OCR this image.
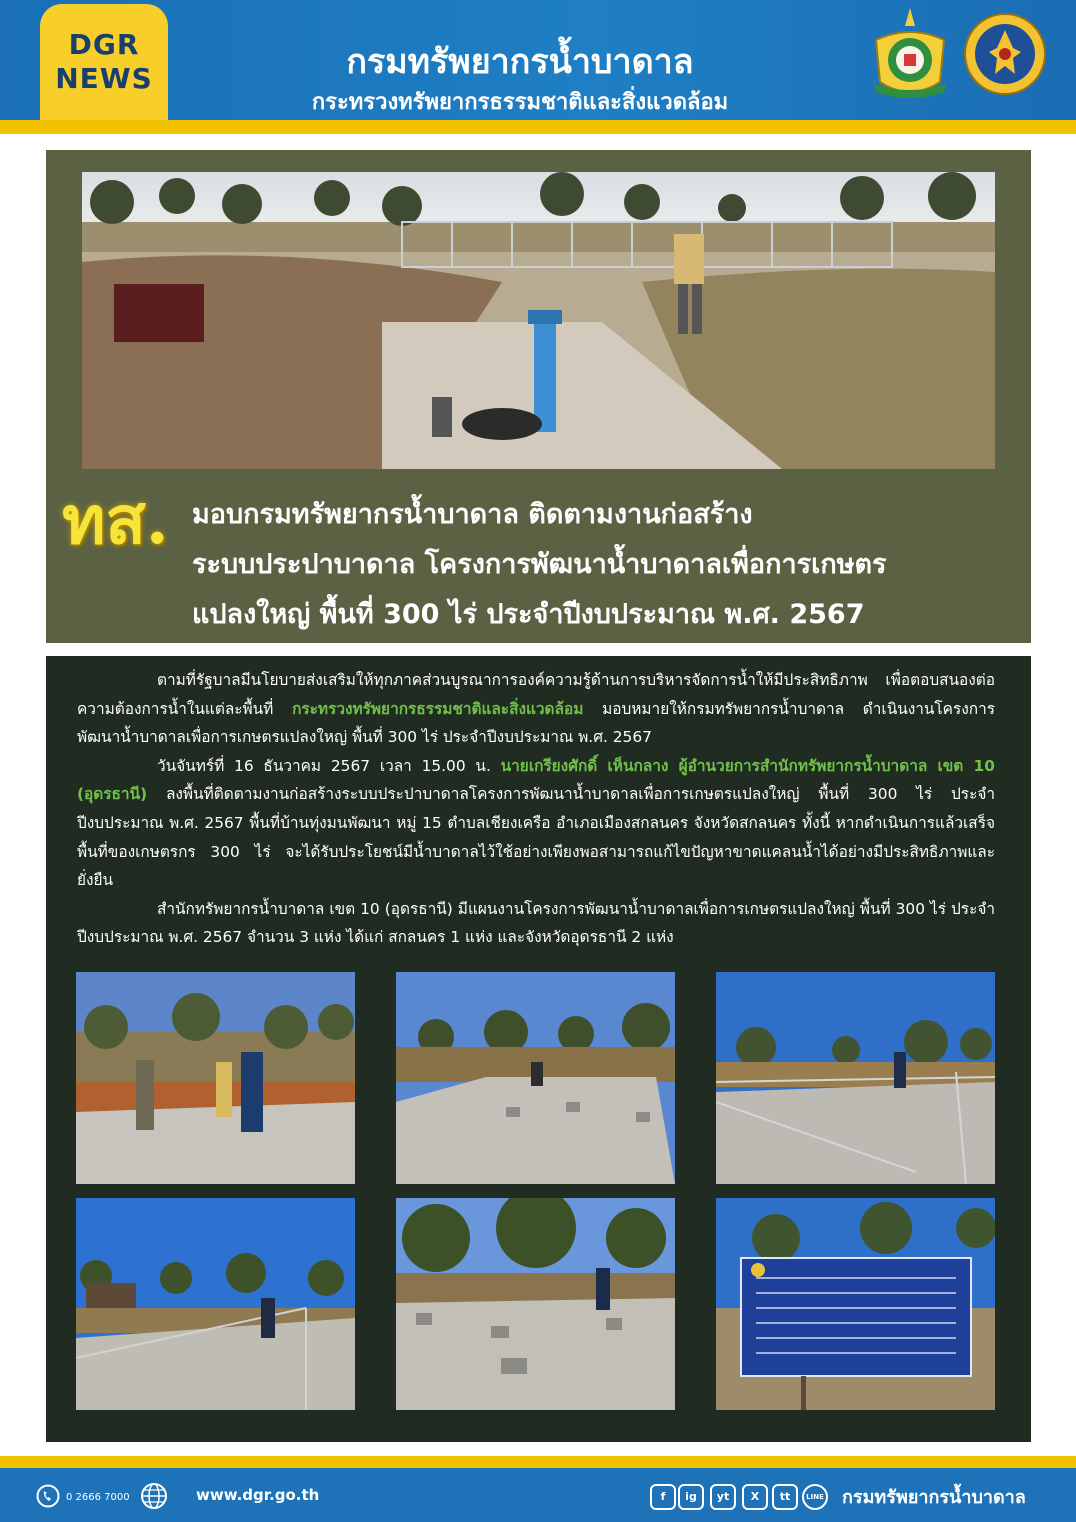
DGR
NEWS	กรมทรัพยากรน้ำบาดาล
กระทรวงทรัพยากรธรรมชาติและสิ่งแวดล้อม
ทส. มอบกรมทรัพยากรน้ำบาดาล ติดตามงานก่อสร้าง
ระบบประปาบาดาล โครงการพัฒนาน้ำบาดาลเพื่อการเกษตร
แปลงใหญ่ พื้นที่ 300 ไร่ ประจำปีงบประมาณ พ.ศ. 2567

ตามที่รัฐบาลมีนโยบายส่งเสริมให้ทุกภาคส่วนบูรณาการองค์ความรู้ด้านการบริหารจัดการน้ำให้มีประสิทธิภาพ เพื่อตอบสนองต่อความต้องการน้ำในแต่ละพื้นที่ กระทรวงทรัพยากรธรรมชาติและสิ่งแวดล้อม มอบหมายให้กรมทรัพยากรน้ำบาดาล ดำเนินงานโครงการพัฒนาน้ำบาดาลเพื่อการเกษตรแปลงใหญ่ พื้นที่ 300 ไร่ ประจำปีงบประมาณ พ.ศ. 2567

วันจันทร์ที่ 16 ธันวาคม 2567 เวลา 15.00 น. นายเกรียงศักดิ์ เห็นกลาง ผู้อำนวยการสำนักทรัพยากรน้ำบาดาล เขต 10 (อุดรธานี) ลงพื้นที่ติดตามงานก่อสร้างระบบประปาบาดาลโครงการพัฒนาน้ำบาดาลเพื่อการเกษตรแปลงใหญ่ พื้นที่ 300 ไร่ ประจำปีงบประมาณ พ.ศ. 2567 พื้นที่บ้านทุ่งมนพัฒนา หมู่ 15 ตำบลเชียงเครือ อำเภอเมืองสกลนคร จังหวัดสกลนคร ทั้งนี้ หากดำเนินการแล้วเสร็จ พื้นที่ของเกษตรกร 300 ไร่ จะได้รับประโยชน์มีน้ำบาดาลไว้ใช้อย่างเพียงพอสามารถแก้ไขปัญหาขาดแคลนน้ำได้อย่างมีประสิทธิภาพและยั่งยืน

สำนักทรัพยากรน้ำบาดาล เขต 10 (อุดรธานี) มีแผนงานโครงการพัฒนาน้ำบาดาลเพื่อการเกษตรแปลงใหญ่ พื้นที่ 300 ไร่ ประจำปีงบประมาณ พ.ศ. 2567 จำนวน 3 แห่ง ได้แก่ สกลนคร 1 แห่ง และจังหวัดอุดรธานี 2 แห่ง

0 2666 7000	www.dgr.go.th	f	ig	yt	X	tt	LINE กรมทรัพยากรน้ำบาดาล
